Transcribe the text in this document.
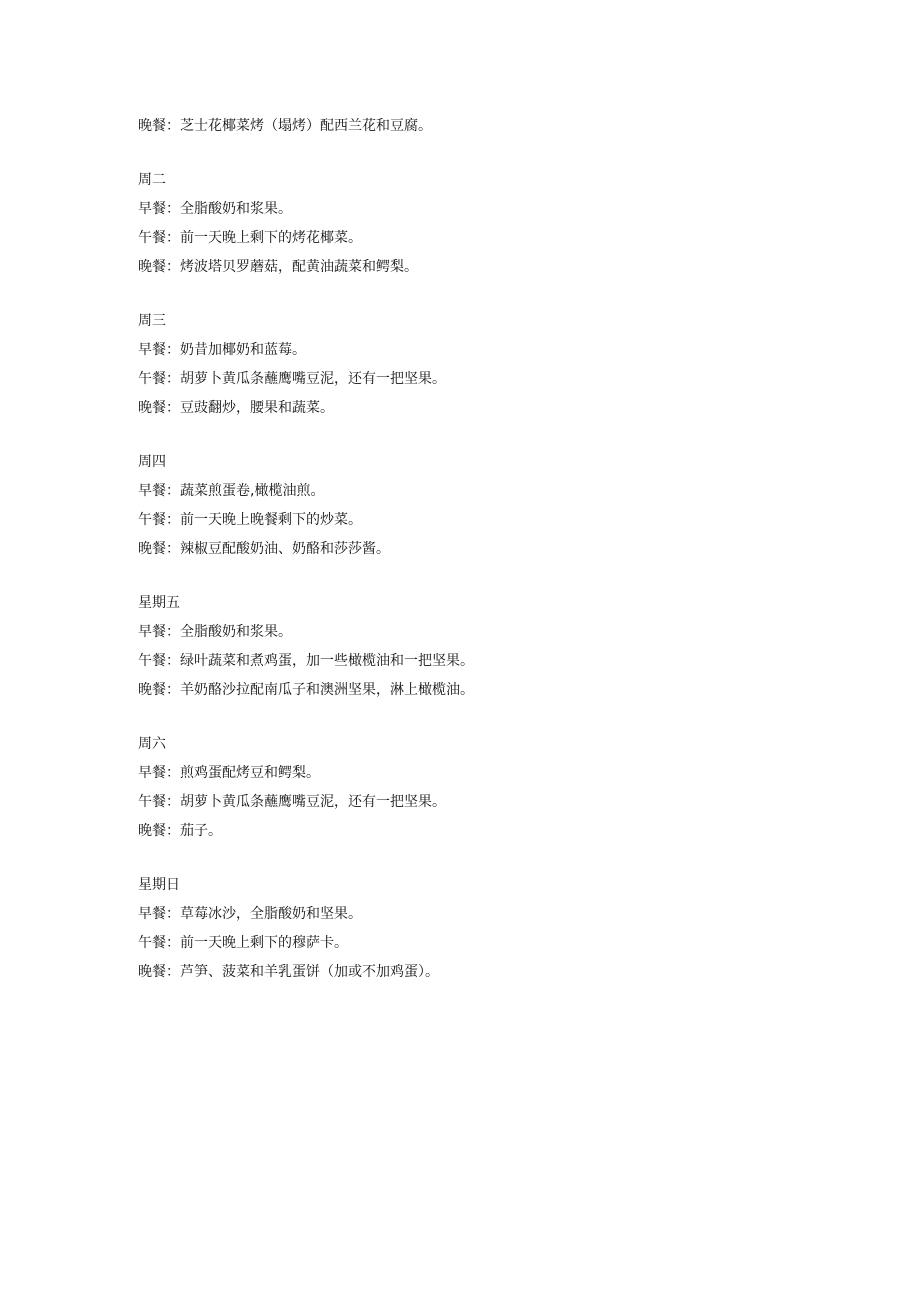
晚餐：芝士花椰菜烤（塌烤）配西兰花和豆腐。
周二
早餐：全脂酸奶和浆果。
午餐：前一天晚上剩下的烤花椰菜。
晚餐：烤波塔贝罗蘑菇，配黄油蔬菜和鳄梨。
周三
早餐：奶昔加椰奶和蓝莓。
午餐：胡萝卜黄瓜条蘸鹰嘴豆泥，还有一把坚果。
晚餐：豆豉翻炒，腰果和蔬菜。
周四
早餐：蔬菜煎蛋卷,橄榄油煎。
午餐：前一天晚上晚餐剩下的炒菜。
晚餐：辣椒豆配酸奶油、奶酪和莎莎酱。
星期五
早餐：全脂酸奶和浆果。
午餐：绿叶蔬菜和煮鸡蛋，加一些橄榄油和一把坚果。
晚餐：羊奶酪沙拉配南瓜子和澳洲坚果，淋上橄榄油。
周六
早餐：煎鸡蛋配烤豆和鳄梨。
午餐：胡萝卜黄瓜条蘸鹰嘴豆泥，还有一把坚果。
晚餐：茄子。
星期日
早餐：草莓冰沙，全脂酸奶和坚果。
午餐：前一天晚上剩下的穆萨卡。
晚餐：芦笋、菠菜和羊乳蛋饼（加或不加鸡蛋）。
